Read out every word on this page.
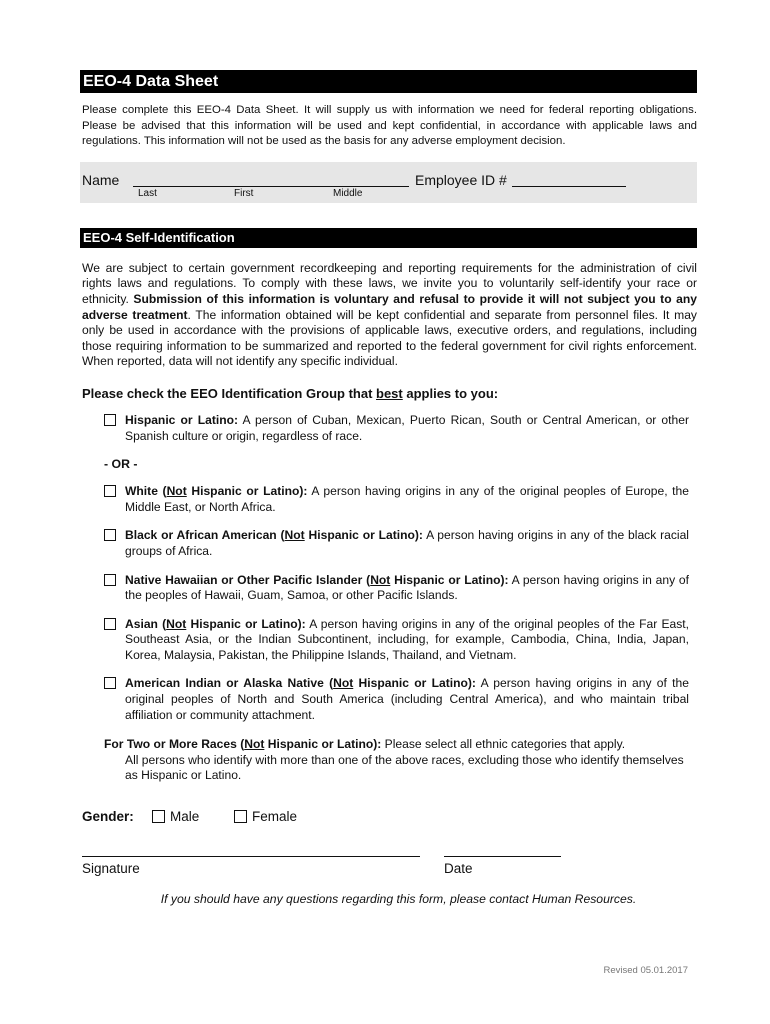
EEO-4 Data Sheet
Please complete this EEO-4 Data Sheet. It will supply us with information we need for federal reporting obligations. Please be advised that this information will be used and kept confidential, in accordance with applicable laws and regulations. This information will not be used as the basis for any adverse employment decision.
Name	Employee ID #
Last	First	Middle
EEO-4 Self-Identification
We are subject to certain government recordkeeping and reporting requirements for the administration of civil rights laws and regulations. To comply with these laws, we invite you to voluntarily self-identify your race or ethnicity. Submission of this information is voluntary and refusal to provide it will not subject you to any adverse treatment. The information obtained will be kept confidential and separate from personnel files. It may only be used in accordance with the provisions of applicable laws, executive orders, and regulations, including those requiring information to be summarized and reported to the federal government for civil rights enforcement. When reported, data will not identify any specific individual.
Please check the EEO Identification Group that best applies to you:
Hispanic or Latino: A person of Cuban, Mexican, Puerto Rican, South or Central American, or other Spanish culture or origin, regardless of race.
- OR -
White (Not Hispanic or Latino): A person having origins in any of the original peoples of Europe, the Middle East, or North Africa.
Black or African American (Not Hispanic or Latino): A person having origins in any of the black racial groups of Africa.
Native Hawaiian or Other Pacific Islander (Not Hispanic or Latino): A person having origins in any of the peoples of Hawaii, Guam, Samoa, or other Pacific Islands.
Asian (Not Hispanic or Latino): A person having origins in any of the original peoples of the Far East, Southeast Asia, or the Indian Subcontinent, including, for example, Cambodia, China, India, Japan, Korea, Malaysia, Pakistan, the Philippine Islands, Thailand, and Vietnam.
American Indian or Alaska Native (Not Hispanic or Latino): A person having origins in any of the original peoples of North and South America (including Central America), and who maintain tribal affiliation or community attachment.
For Two or More Races (Not Hispanic or Latino): Please select all ethnic categories that apply.
All persons who identify with more than one of the above races, excluding those who identify themselves as Hispanic or Latino.
Gender:	Male	Female
Signature	Date
If you should have any questions regarding this form, please contact Human Resources.
Revised 05.01.2017
